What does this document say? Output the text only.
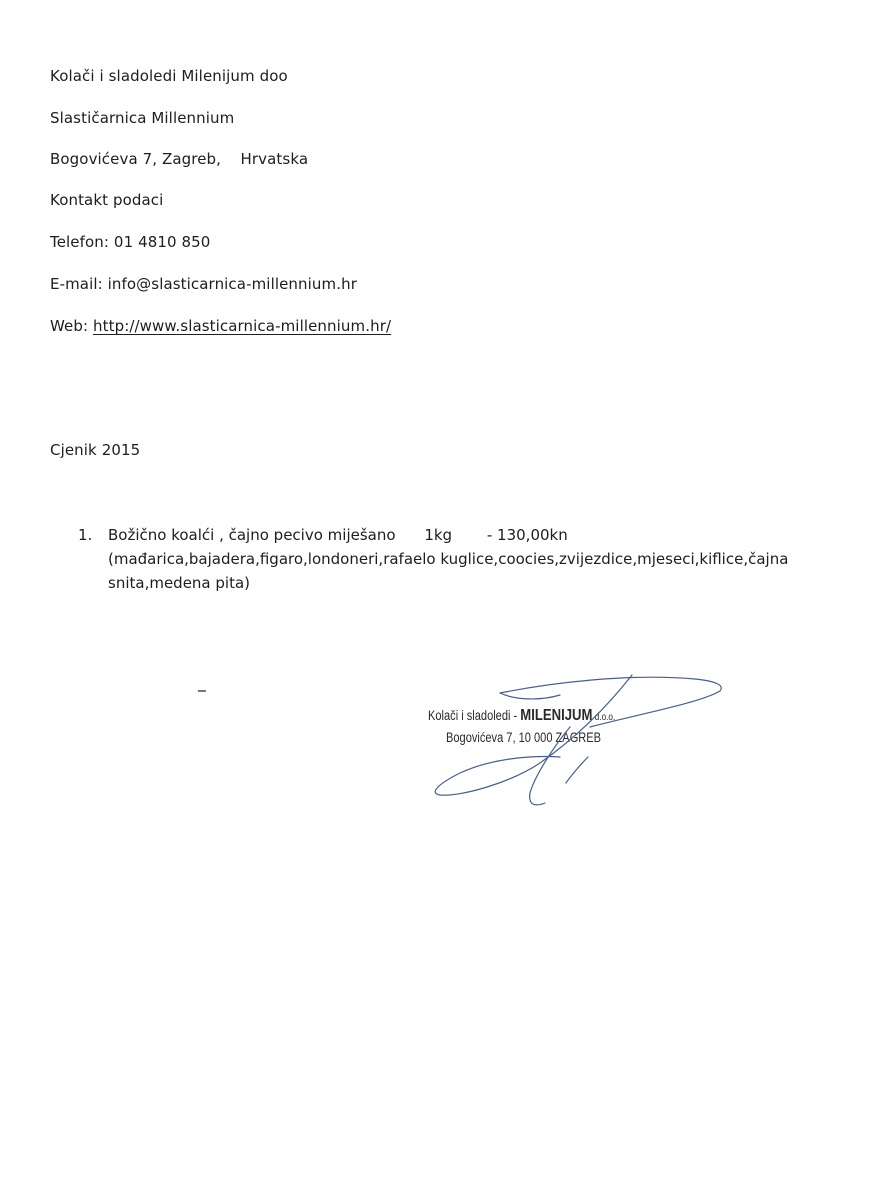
Kolači i sladoledi Milenijum doo
Slastičarnica Millennium
Bogovićeva 7, Zagreb,    Hrvatska
Kontakt podaci
Telefon: 01 4810 850
E-mail: info@slasticarnica-millennium.hr
Web: http://www.slasticarnica-millennium.hr/
Cjenik 2015
1.	Božično koalći , čajno pecivo miješano 1kg - 130,00kn
(mađarica,bajadera,figaro,londoneri,rafaelo kuglice,coocies,zvijezdice,mjeseci,kiflice,čajna snita,medena pita)
Kolači i sladoledi - MILENIJUM d.o.o.
Bogovićeva 7, 10 000 ZAGREB
